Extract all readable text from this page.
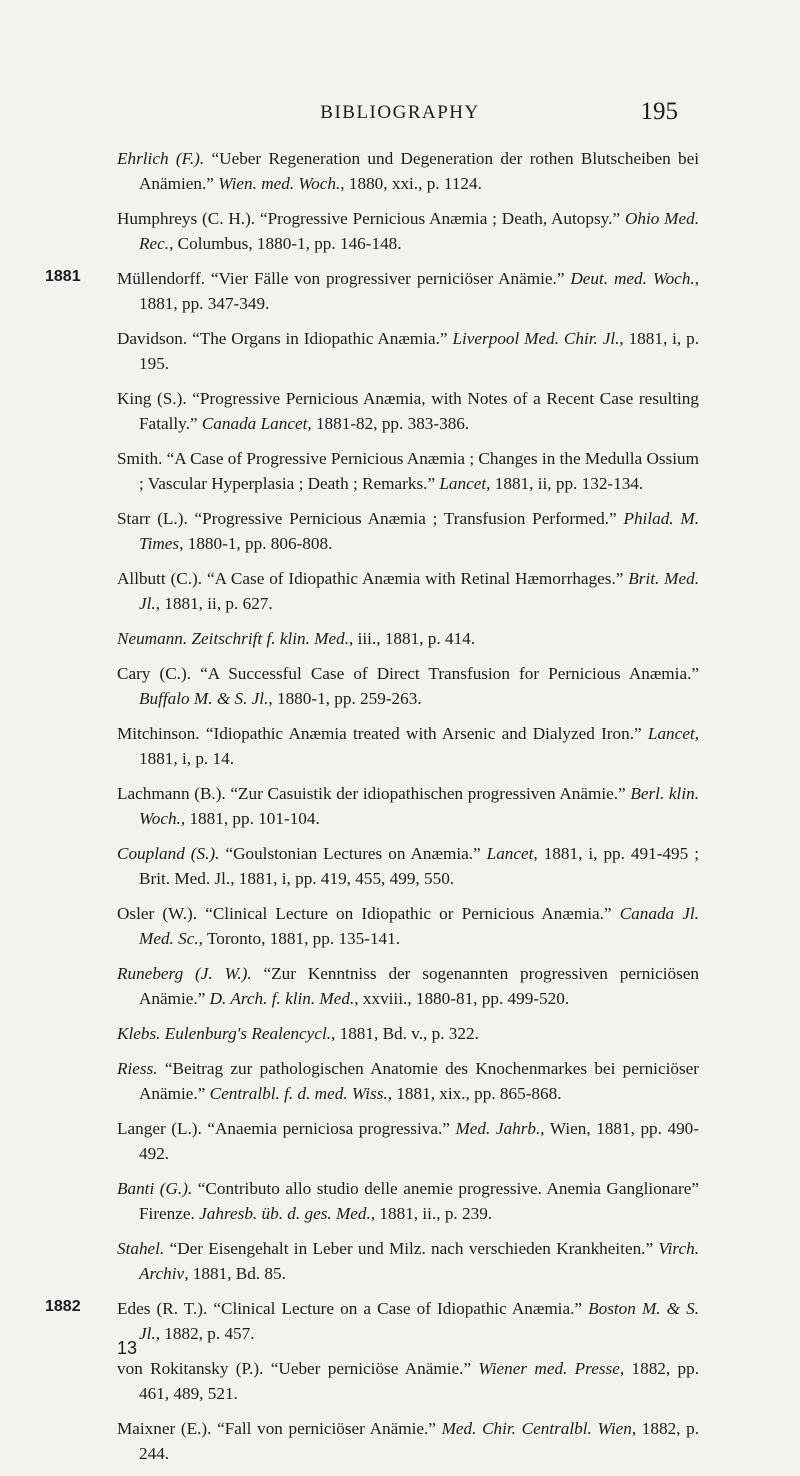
BIBLIOGRAPHY	195
Ehrlich (F.). “Ueber Regeneration und Degeneration der rothen Blutscheiben bei Anämien.” Wien. med. Woch., 1880, xxi., p. 1124.
Humphreys (C. H.). “Progressive Pernicious Anæmia ; Death, Autopsy.” Ohio Med. Rec., Columbus, 1880-1, pp. 146-148.
1881 Müllendorff. “Vier Fälle von progressiver perniciöser Anämie.” Deut. med. Woch., 1881, pp. 347-349.
Davidson. “The Organs in Idiopathic Anæmia.” Liverpool Med. Chir. Jl., 1881, i, p. 195.
King (S.). “Progressive Pernicious Anæmia, with Notes of a Recent Case resulting Fatally.” Canada Lancet, 1881-82, pp. 383-386.
Smith. “A Case of Progressive Pernicious Anæmia ; Changes in the Medulla Ossium ; Vascular Hyperplasia ; Death ; Remarks.” Lancet, 1881, ii, pp. 132-134.
Starr (L.). “Progressive Pernicious Anæmia ; Transfusion Performed.” Philad. M. Times, 1880-1, pp. 806-808.
Allbutt (C.). “A Case of Idiopathic Anæmia with Retinal Hæmorrhages.” Brit. Med. Jl., 1881, ii, p. 627.
Neumann. Zeitschrift f. klin. Med., iii., 1881, p. 414.
Cary (C.). “A Successful Case of Direct Transfusion for Pernicious Anæmia.” Buffalo M. & S. Jl., 1880-1, pp. 259-263.
Mitchinson. “Idiopathic Anæmia treated with Arsenic and Dialyzed Iron.” Lancet, 1881, i, p. 14.
Lachmann (B.). “Zur Casuistik der idiopathischen progressiven Anämie.” Berl. klin. Woch., 1881, pp. 101-104.
Coupland (S.). “Goulstonian Lectures on Anæmia.” Lancet, 1881, i, pp. 491-495 ; Brit. Med. Jl., 1881, i, pp. 419, 455, 499, 550.
Osler (W.). “Clinical Lecture on Idiopathic or Pernicious Anæmia.” Canada Jl. Med. Sc., Toronto, 1881, pp. 135-141.
Runeberg (J. W.). “Zur Kenntniss der sogenannten progressiven perniciösen Anämie.” D. Arch. f. klin. Med., xxviii., 1880-81, pp. 499-520.
Klebs. Eulenburg's Realencycl., 1881, Bd. v., p. 322.
Riess. “Beitrag zur pathologischen Anatomie des Knochenmarkes bei perniciöser Anämie.” Centralbl. f. d. med. Wiss., 1881, xix., pp. 865-868.
Langer (L.). “Anaemia perniciosa progressiva.” Med. Jahrb., Wien, 1881, pp. 490-492.
Banti (G.). “Contributo allo studio delle anemie progressive. Anemia Ganglionare” Firenze. Jahresb. üb. d. ges. Med., 1881, ii., p. 239.
Stahel. “Der Eisengehalt in Leber und Milz. nach verschieden Krankheiten.” Virch. Archiv, 1881, Bd. 85.
1882 Edes (R. T.). “Clinical Lecture on a Case of Idiopathic Anæmia.” Boston M. & S. Jl., 1882, p. 457.
von Rokitansky (P.). “Ueber perniciöse Anämie.” Wiener med. Presse, 1882, pp. 461, 489, 521.
Maixner (E.). “Fall von perniciöser Anämie.” Med. Chir. Centralbl. Wien, 1882, p. 244.
13
